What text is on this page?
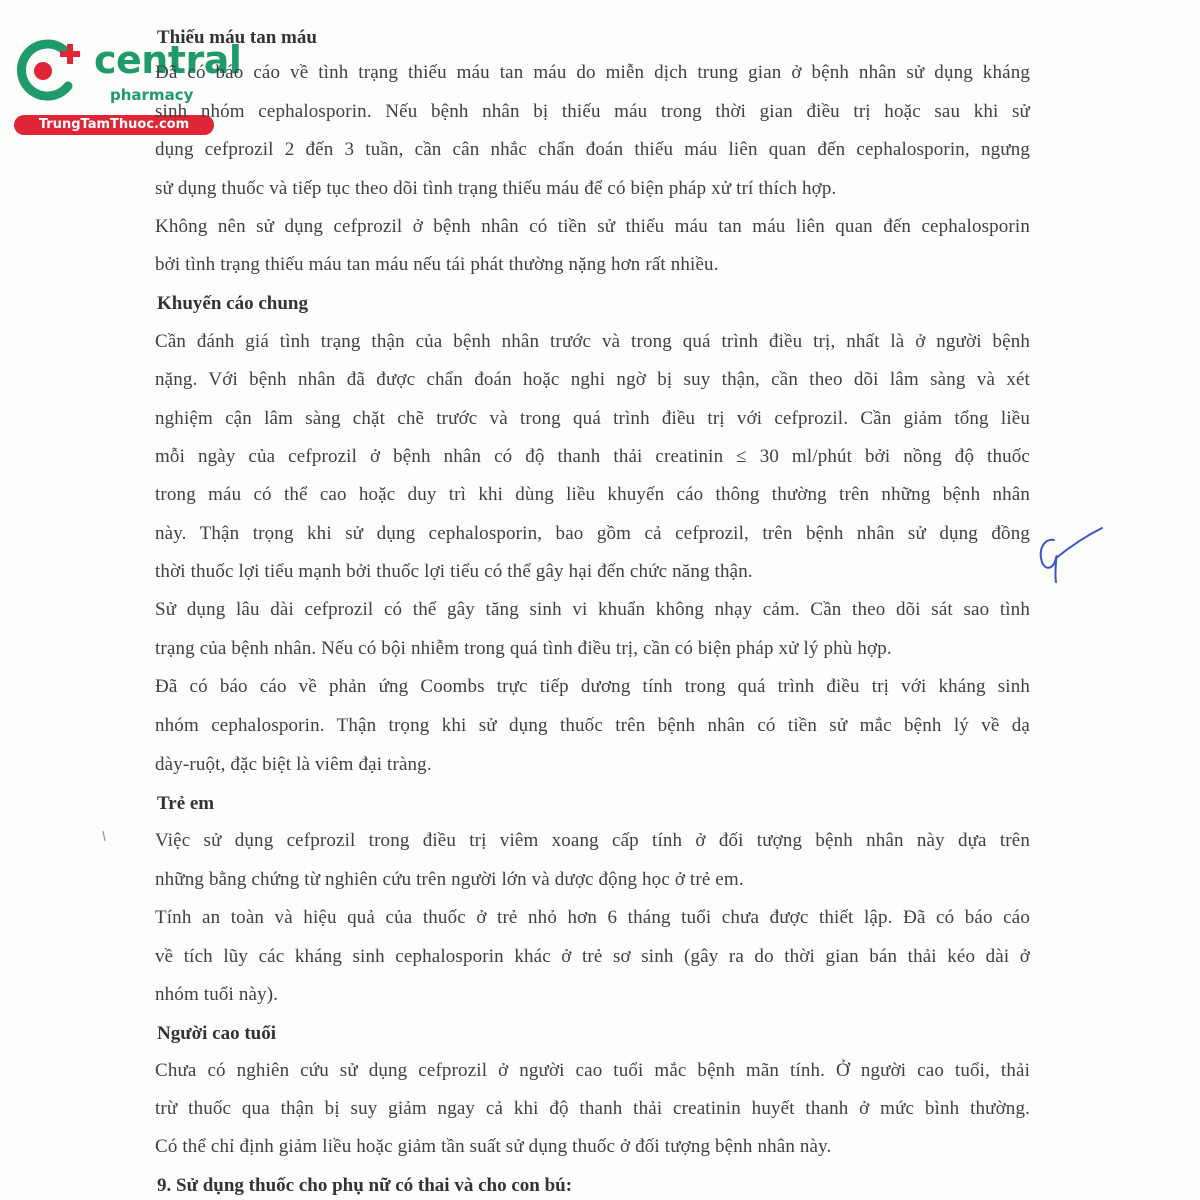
central
pharmacy
TrungTamThuoc.com
Thiếu máu tan máu
Đã có báo cáo về tình trạng thiếu máu tan máu do miễn dịch trung gian ở bệnh nhân sử dụng kháng
sinh nhóm cephalosporin. Nếu bệnh nhân bị thiếu máu trong thời gian điều trị hoặc sau khi sử
dụng cefprozil 2 đến 3 tuần, cần cân nhắc chẩn đoán thiếu máu liên quan đến cephalosporin, ngưng
sử dụng thuốc và tiếp tục theo dõi tình trạng thiếu máu để có biện pháp xử trí thích hợp.
Không nên sử dụng cefprozil ở bệnh nhân có tiền sử thiếu máu tan máu liên quan đến cephalosporin
bởi tình trạng thiếu máu tan máu nếu tái phát thường nặng hơn rất nhiều.
Khuyến cáo chung
Cần đánh giá tình trạng thận của bệnh nhân trước và trong quá trình điều trị, nhất là ở người bệnh
nặng. Với bệnh nhân đã được chẩn đoán hoặc nghi ngờ bị suy thận, cần theo dõi lâm sàng và xét
nghiệm cận lâm sàng chặt chẽ trước và trong quá trình điều trị với cefprozil. Cần giảm tổng liều
mỗi ngày của cefprozil ở bệnh nhân có độ thanh thải creatinin ≤ 30 ml/phút bởi nồng độ thuốc
trong máu có thể cao hoặc duy trì khi dùng liều khuyến cáo thông thường trên những bệnh nhân
này. Thận trọng khi sử dụng cephalosporin, bao gồm cả cefprozil, trên bệnh nhân sử dụng đồng
thời thuốc lợi tiểu mạnh bởi thuốc lợi tiểu có thể gây hại đến chức năng thận.
Sử dụng lâu dài cefprozil có thể gây tăng sinh vi khuẩn không nhạy cảm. Cần theo dõi sát sao tình
trạng của bệnh nhân. Nếu có bội nhiễm trong quá tình điều trị, cần có biện pháp xử lý phù hợp.
Đã có báo cáo về phản ứng Coombs trực tiếp dương tính trong quá trình điều trị với kháng sinh
nhóm cephalosporin. Thận trọng khi sử dụng thuốc trên bệnh nhân có tiền sử mắc bệnh lý về dạ
dày-ruột, đặc biệt là viêm đại tràng.
Trẻ em
Việc sử dụng cefprozil trong điều trị viêm xoang cấp tính ở đối tượng bệnh nhân này dựa trên
những bằng chứng từ nghiên cứu trên người lớn và dược động học ở trẻ em.
Tính an toàn và hiệu quả của thuốc ở trẻ nhỏ hơn 6 tháng tuổi chưa được thiết lập. Đã có báo cáo
về tích lũy các kháng sinh cephalosporin khác ở trẻ sơ sinh (gây ra do thời gian bán thải kéo dài ở
nhóm tuổi này).
Người cao tuổi
Chưa có nghiên cứu sử dụng cefprozil ở người cao tuổi mắc bệnh mãn tính. Ở người cao tuổi, thải
trừ thuốc qua thận bị suy giảm ngay cả khi độ thanh thải creatinin huyết thanh ở mức bình thường.
Có thể chỉ định giảm liều hoặc giảm tần suất sử dụng thuốc ở đối tượng bệnh nhân này.
9. Sử dụng thuốc cho phụ nữ có thai và cho con bú:
